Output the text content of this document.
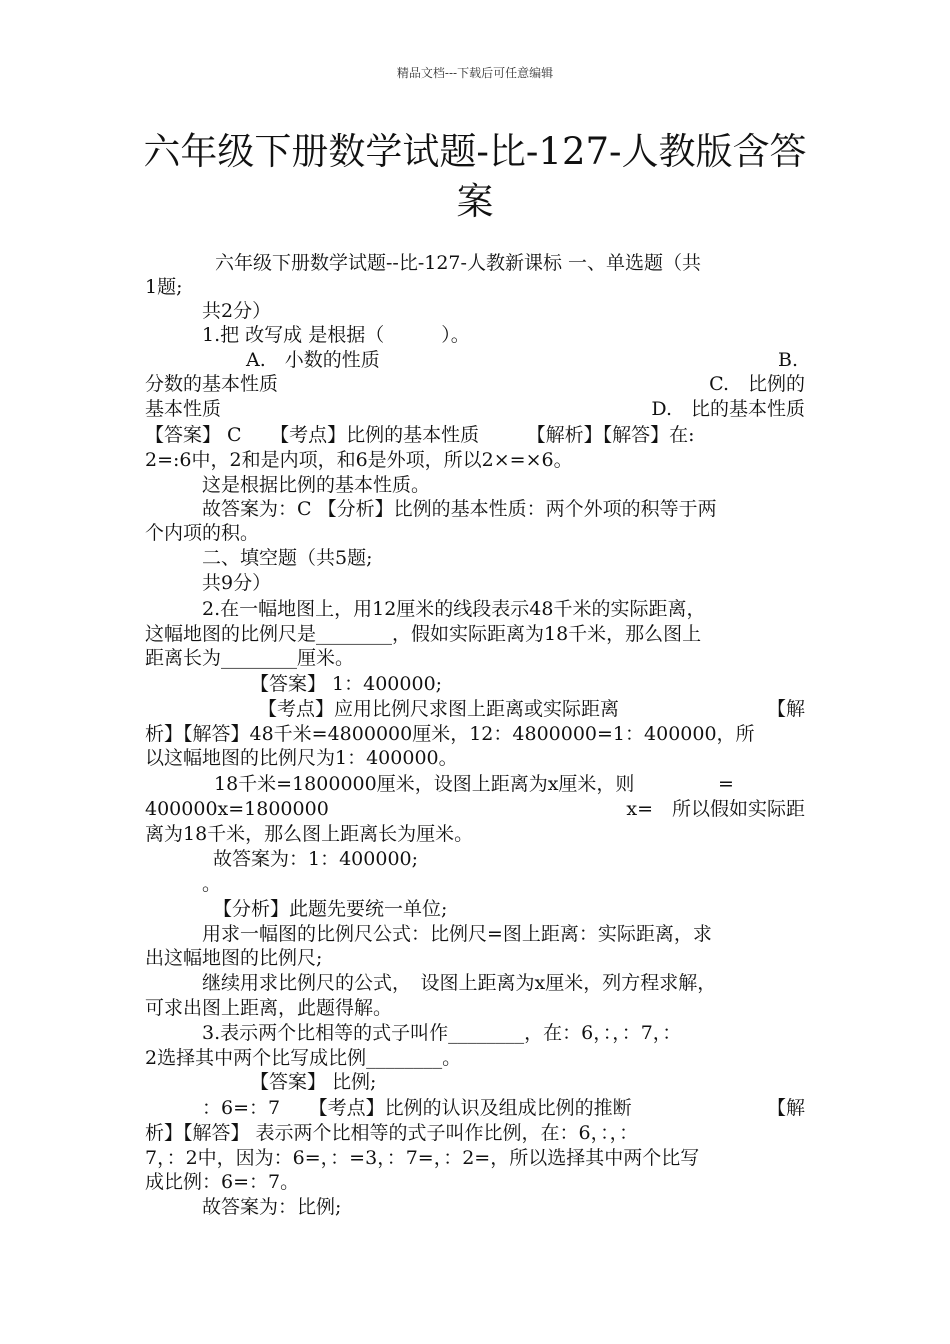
精品文档---下载后可任意编辑
六年级下册数学试题-比-127-人教版含答
案
六年级下册数学试题--比-127-人教新课标 一、单选题（共
1题;
共2分）
1.把 改写成 是根据（　　　）。
A.　小数的性质	B.
分数的基本性质	C.　比例的
基本性质	D.　比的基本性质
【答案】 C　　【考点】比例的基本性质　　　【解析】【解答】在:
2=:6中，2和是内项，和6是外项，所以2×=×6。
这是根据比例的基本性质。
故答案为：C 【分析】比例的基本性质：两个外项的积等于两
个内项的积。
二、填空题（共5题;
共9分）
2.在一幅地图上，用12厘米的线段表示48千米的实际距离，
这幅地图的比例尺是________，假如实际距离为18千米，那么图上
距离长为________厘米。
【答案】 1：400000;
【考点】应用比例尺求图上距离或实际距离	【解
析】【解答】48千米=4800000厘米，12：4800000=1：400000，所
以这幅地图的比例尺为1：400000。
18千米=1800000厘米，设图上距离为x厘米，则	=
400000x=1800000	x=　所以假如实际距
离为18千米，那么图上距离长为厘米。
故答案为：1：400000;
。
【分析】此题先要统一单位;
用求一幅图的比例尺公式：比例尺=图上距离：实际距离，求
出这幅地图的比例尺;
继续用求比例尺的公式，　设图上距离为x厘米，列方程求解，
可求出图上距离，此题得解。
3.表示两个比相等的式子叫作________，在：6，：，：7，：
2选择其中两个比写成比例________。
【答案】 比例;
：6=：7　　【考点】比例的认识及组成比例的推断	【解
析】【解答】 表示两个比相等的式子叫作比例，在：6，：，：
7，：2中，因为：6=，：=3，：7=，：2=，所以选择其中两个比写
成比例：6=：7。
故答案为：比例;
